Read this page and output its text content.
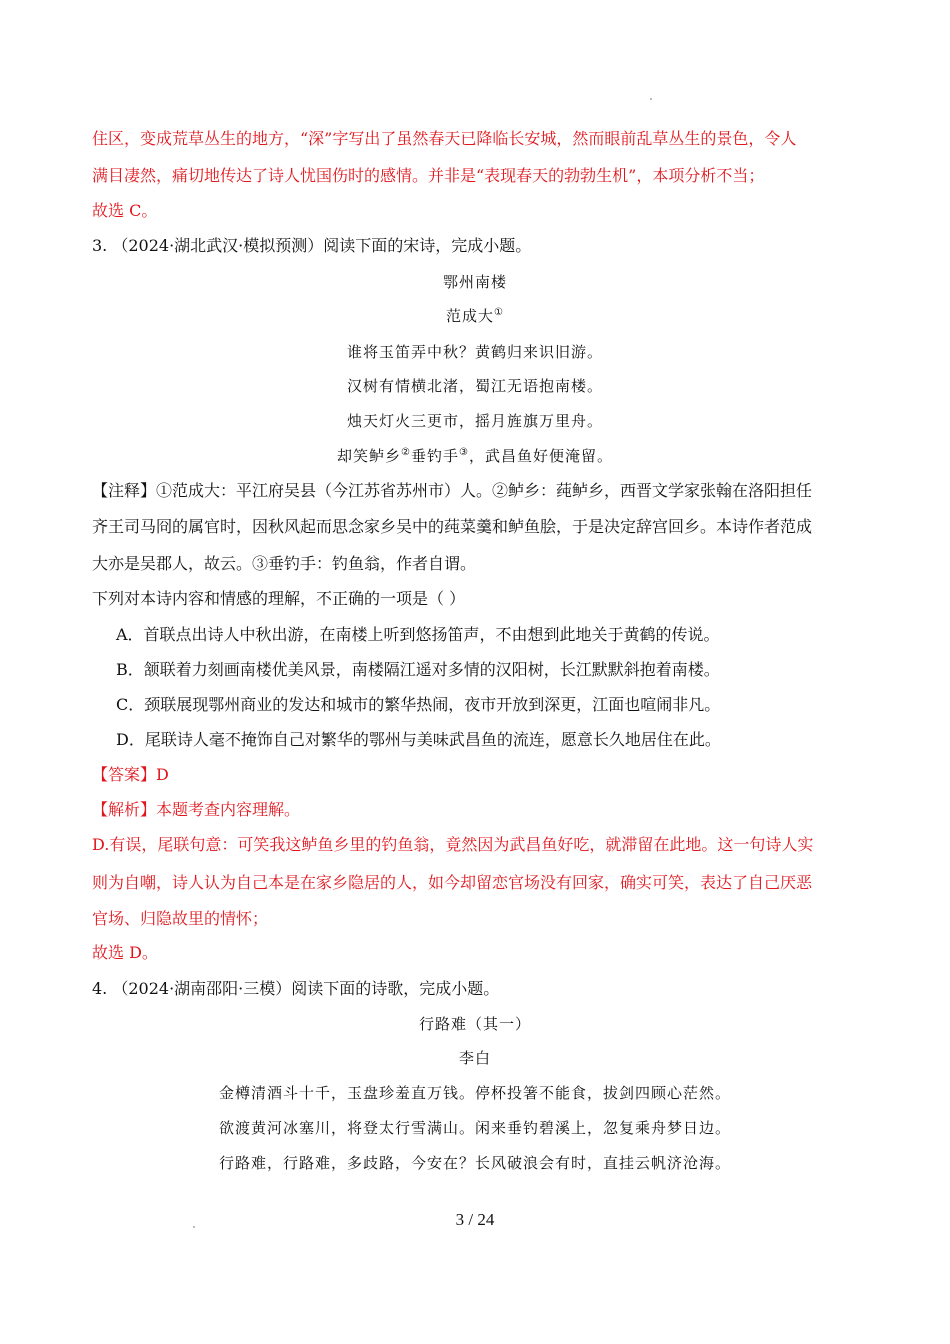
住区，变成荒草丛生的地方，“深”字写出了虽然春天已降临长安城，然而眼前乱草丛生的景色，令人
满目凄然，痛切地传达了诗人忧国伤时的感情。并非是“表现春天的勃勃生机”，本项分析不当；
故选 C。
3. （2024·湖北武汉·模拟预测）阅读下面的宋诗，完成小题。
鄂州南楼
范成大①
谁将玉笛弄中秋？黄鹤归来识旧游。
汉树有情横北渚，蜀江无语抱南楼。
烛天灯火三更市，摇月旌旗万里舟。
却笑鲈乡②垂钓手③，武昌鱼好便淹留。
【注释】①范成大：平江府吴县（今江苏省苏州市）人。②鲈乡：莼鲈乡，西晋文学家张翰在洛阳担任
齐王司马冏的属官时，因秋风起而思念家乡吴中的莼菜羹和鲈鱼脍，于是决定辞宫回乡。本诗作者范成
大亦是吴郡人，故云。③垂钓手：钓鱼翁，作者自谓。
下列对本诗内容和情感的理解，不正确的一项是（ ）
A．首联点出诗人中秋出游，在南楼上听到悠扬笛声，不由想到此地关于黄鹤的传说。
B．颔联着力刻画南楼优美风景，南楼隔江遥对多情的汉阳树，长江默默斜抱着南楼。
C．颈联展现鄂州商业的发达和城市的繁华热闹，夜市开放到深更，江面也喧闹非凡。
D．尾联诗人毫不掩饰自己对繁华的鄂州与美味武昌鱼的流连，愿意长久地居住在此。
【答案】D
【解析】本题考查内容理解。
D.有误，尾联句意：可笑我这鲈鱼乡里的钓鱼翁，竟然因为武昌鱼好吃，就滞留在此地。这一句诗人实
则为自嘲，诗人认为自己本是在家乡隐居的人，如今却留恋官场没有回家，确实可笑，表达了自己厌恶
官场、归隐故里的情怀；
故选 D。
4. （2024·湖南邵阳·三模）阅读下面的诗歌，完成小题。
行路难（其一）
李白
金樽清酒斗十千，玉盘珍羞直万钱。停杯投箸不能食，拔剑四顾心茫然。
欲渡黄河冰塞川，将登太行雪满山。闲来垂钓碧溪上，忽复乘舟梦日边。
行路难，行路难，多歧路，今安在？长风破浪会有时，直挂云帆济沧海。
3 / 24
